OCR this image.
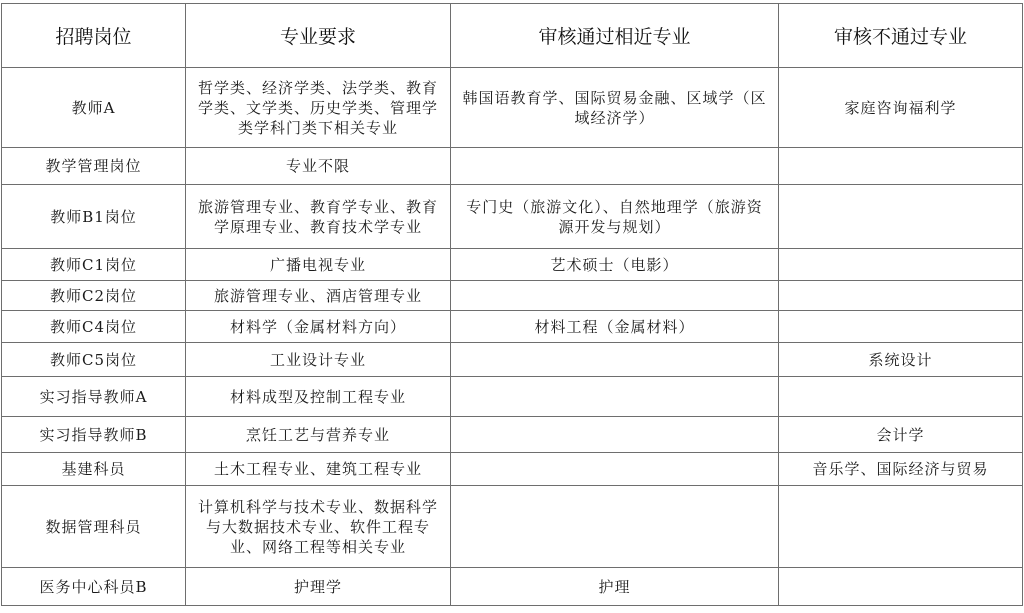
招聘岗位	专业要求	审核通过相近专业	审核不通过专业
教师A	哲学类、经济学类、法学类、教育学类、文学类、历史学类、管理学类学科门类下相关专业	韩国语教育学、国际贸易金融、区域学（区域经济学）	家庭咨询福利学
教学管理岗位	专业不限		
教师B1岗位	旅游管理专业、教育学专业、教育学原理专业、教育技术学专业	专门史（旅游文化）、自然地理学（旅游资源开发与规划）	
教师C1岗位	广播电视专业	艺术硕士（电影）	
教师C2岗位	旅游管理专业、酒店管理专业		
教师C4岗位	材料学（金属材料方向）	材料工程（金属材料）	
教师C5岗位	工业设计专业		系统设计
实习指导教师A	材料成型及控制工程专业		
实习指导教师B	烹饪工艺与营养专业		会计学
基建科员	土木工程专业、建筑工程专业		音乐学、国际经济与贸易
数据管理科员	计算机科学与技术专业、数据科学与大数据技术专业、软件工程专业、网络工程等相关专业		
医务中心科员B	护理学	护理	
